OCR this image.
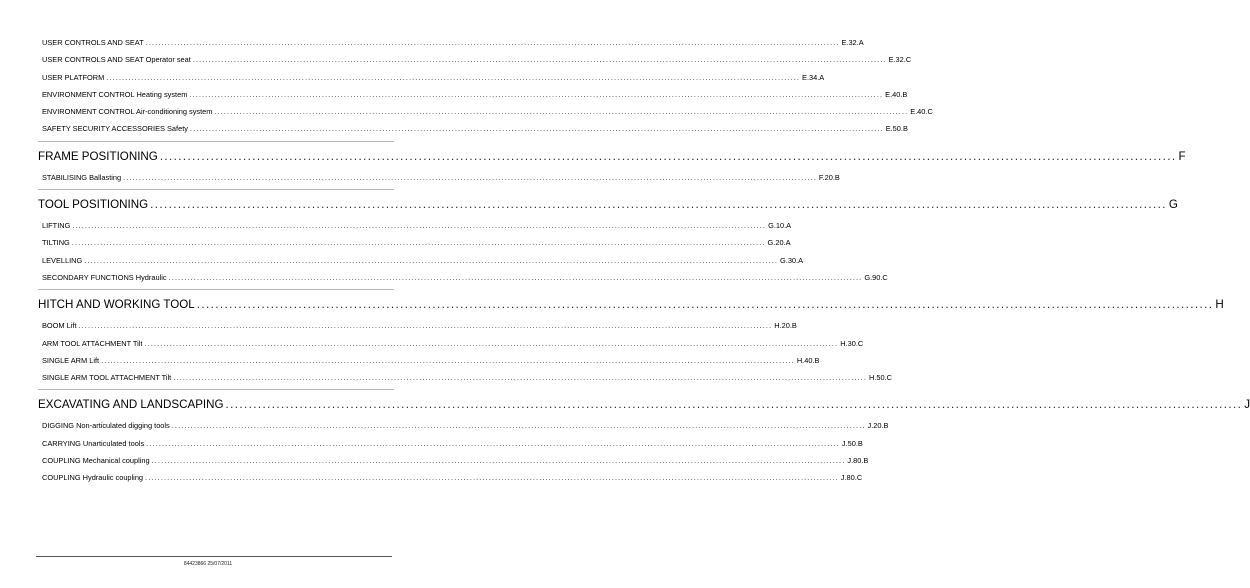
USER CONTROLS AND SEAT ............................................................................................................................................................................................................................ E.32.A
USER CONTROLS AND SEAT Operator seat ............................................................................................................................................................................................................................ E.32.C
USER PLATFORM ............................................................................................................................................................................................................................ E.34.A
ENVIRONMENT CONTROL Heating system ............................................................................................................................................................................................................................ E.40.B
ENVIRONMENT CONTROL Air-conditioning system ............................................................................................................................................................................................................................ E.40.C
SAFETY SECURITY ACCESSORIES Safety ............................................................................................................................................................................................................................ E.50.B
FRAME POSITIONING ............................................................................................................................................................................................................................ F
STABILISING Ballasting ............................................................................................................................................................................................................................ F.20.B
TOOL POSITIONING ............................................................................................................................................................................................................................ G
LIFTING ............................................................................................................................................................................................................................ G.10.A
TILTING ............................................................................................................................................................................................................................ G.20.A
LEVELLING ............................................................................................................................................................................................................................ G.30.A
SECONDARY FUNCTIONS Hydraulic ............................................................................................................................................................................................................................ G.90.C
HITCH AND WORKING TOOL ............................................................................................................................................................................................................................ H
BOOM Lift ............................................................................................................................................................................................................................ H.20.B
ARM TOOL ATTACHMENT Tilt ............................................................................................................................................................................................................................ H.30.C
SINGLE ARM Lift ............................................................................................................................................................................................................................ H.40.B
SINGLE ARM TOOL ATTACHMENT Tilt ............................................................................................................................................................................................................................ H.50.C
EXCAVATING AND LANDSCAPING ............................................................................................................................................................................................................................ J
DIGGING Non-articulated digging tools ............................................................................................................................................................................................................................ J.20.B
CARRYING Unarticulated tools ............................................................................................................................................................................................................................ J.50.B
COUPLING Mechanical coupling ............................................................................................................................................................................................................................ J.80.B
COUPLING Hydraulic coupling ............................................................................................................................................................................................................................ J.80.C
84423866 25/07/2011
